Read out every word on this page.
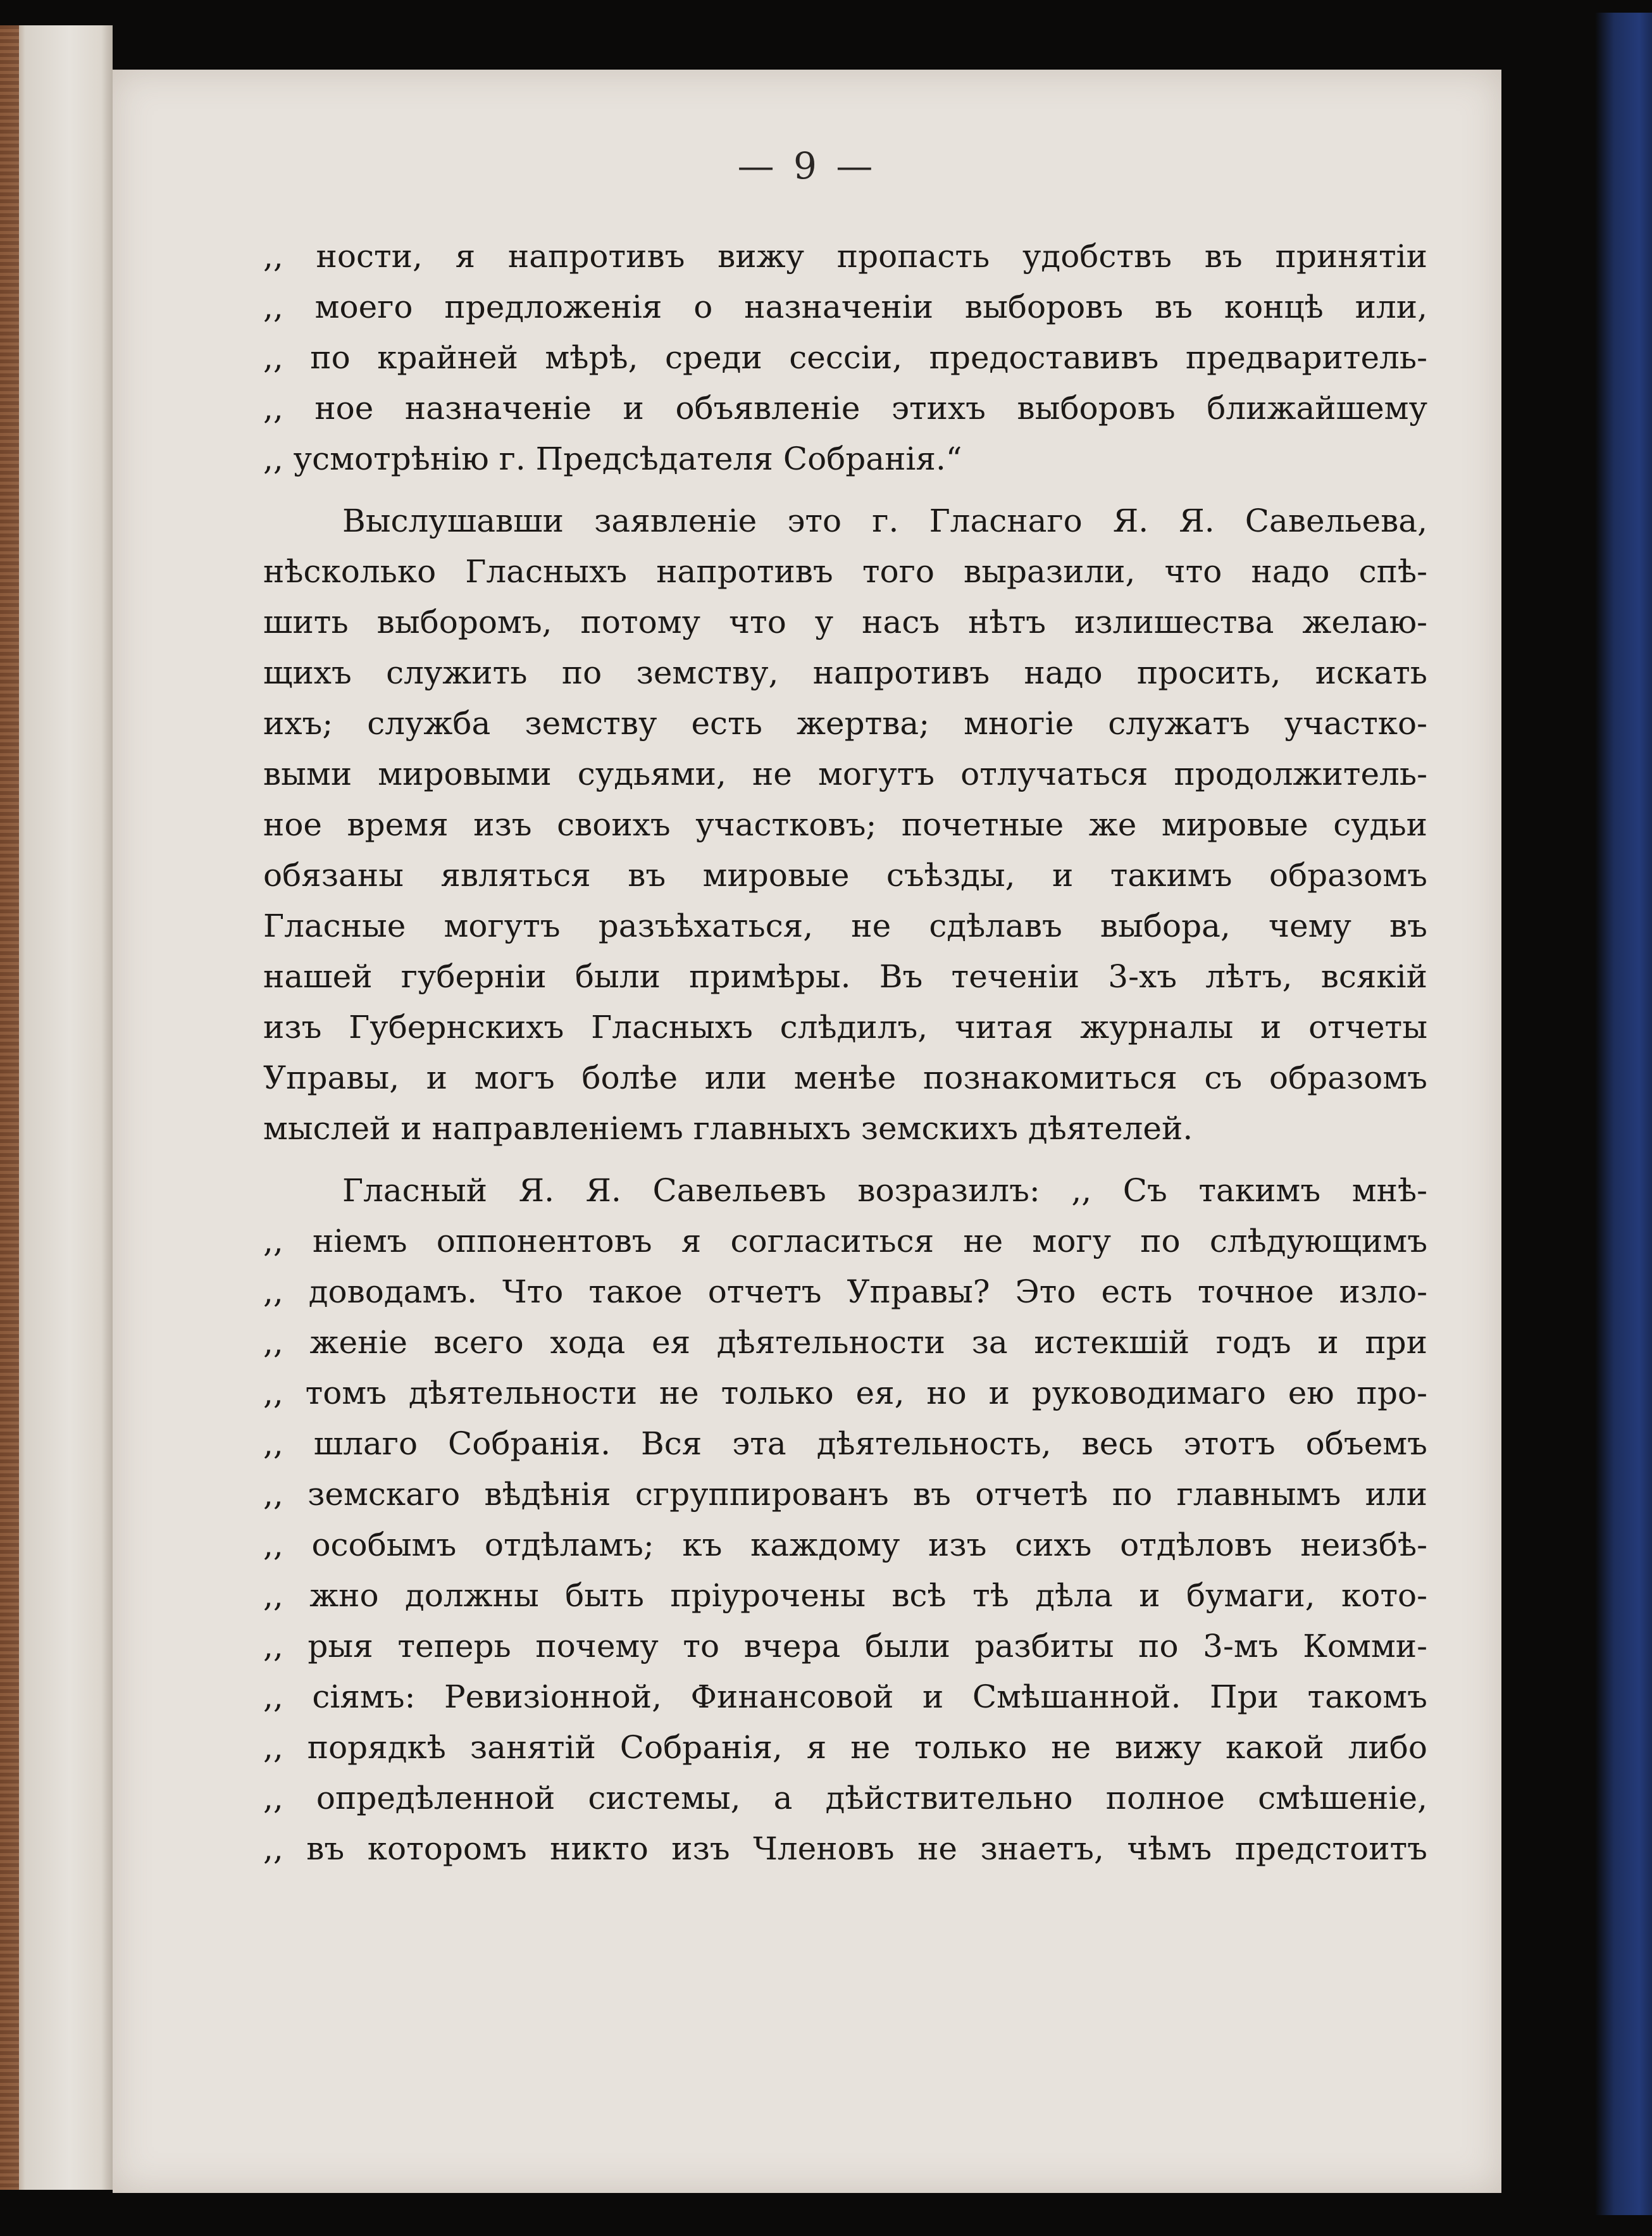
— 9 —
,, ности, я напротивъ вижу пропасть удобствъ въ принятіи
,, моего предложенія о назначеніи выборовъ въ концѣ или,
,, по крайней мѣрѣ, среди сессіи, предоставивъ предваритель-
,, ное назначеніе и объявленіе этихъ выборовъ ближайшему
,, усмотрѣнію г. Предсѣдателя Собранія.“
Выслушавши заявленіе это г. Гласнаго Я. Я. Савельева,
нѣсколько Гласныхъ напротивъ того выразили, что надо спѣ-
шить выборомъ, потому что у насъ нѣтъ излишества желаю-
щихъ служить по земству, напротивъ надо просить, искать
ихъ; служба земству есть жертва; многіе служатъ участко-
выми мировыми судьями, не могутъ отлучаться продолжитель-
ное время изъ своихъ участковъ; почетные же мировые судьи
обязаны являться въ мировые съѣзды, и такимъ образомъ
Гласные могутъ разъѣхаться, не сдѣлавъ выбора, чему въ
нашей губерніи были примѣры. Въ теченіи 3-хъ лѣтъ, всякій
изъ Губернскихъ Гласныхъ слѣдилъ, читая журналы и отчеты
Управы, и могъ болѣе или менѣе познакомиться съ образомъ
мыслей и направленіемъ главныхъ земскихъ дѣятелей.
Гласный Я. Я. Савельевъ возразилъ: ,, Съ такимъ мнѣ-
,, ніемъ оппонентовъ я согласиться не могу по слѣдующимъ
,, доводамъ. Что такое отчетъ Управы? Это есть точное изло-
,, женіе всего хода ея дѣятельности за истекшій годъ и при
,, томъ дѣятельности не только ея, но и руководимаго ею про-
,, шлаго Собранія. Вся эта дѣятельность, весь этотъ объемъ
,, земскаго вѣдѣнія сгруппированъ въ отчетѣ по главнымъ или
,, особымъ отдѣламъ; къ каждому изъ сихъ отдѣловъ неизбѣ-
,, жно должны быть пріурочены всѣ тѣ дѣла и бумаги, кото-
,, рыя теперь почему то вчера были разбиты по 3-мъ Комми-
,, сіямъ: Ревизіонной, Финансовой и Смѣшанной. При такомъ
,, порядкѣ занятій Собранія, я не только не вижу какой либо
,, опредѣленной системы, а дѣйствительно полное смѣшеніе,
,, въ которомъ никто изъ Членовъ не знаетъ, чѣмъ предстоитъ
